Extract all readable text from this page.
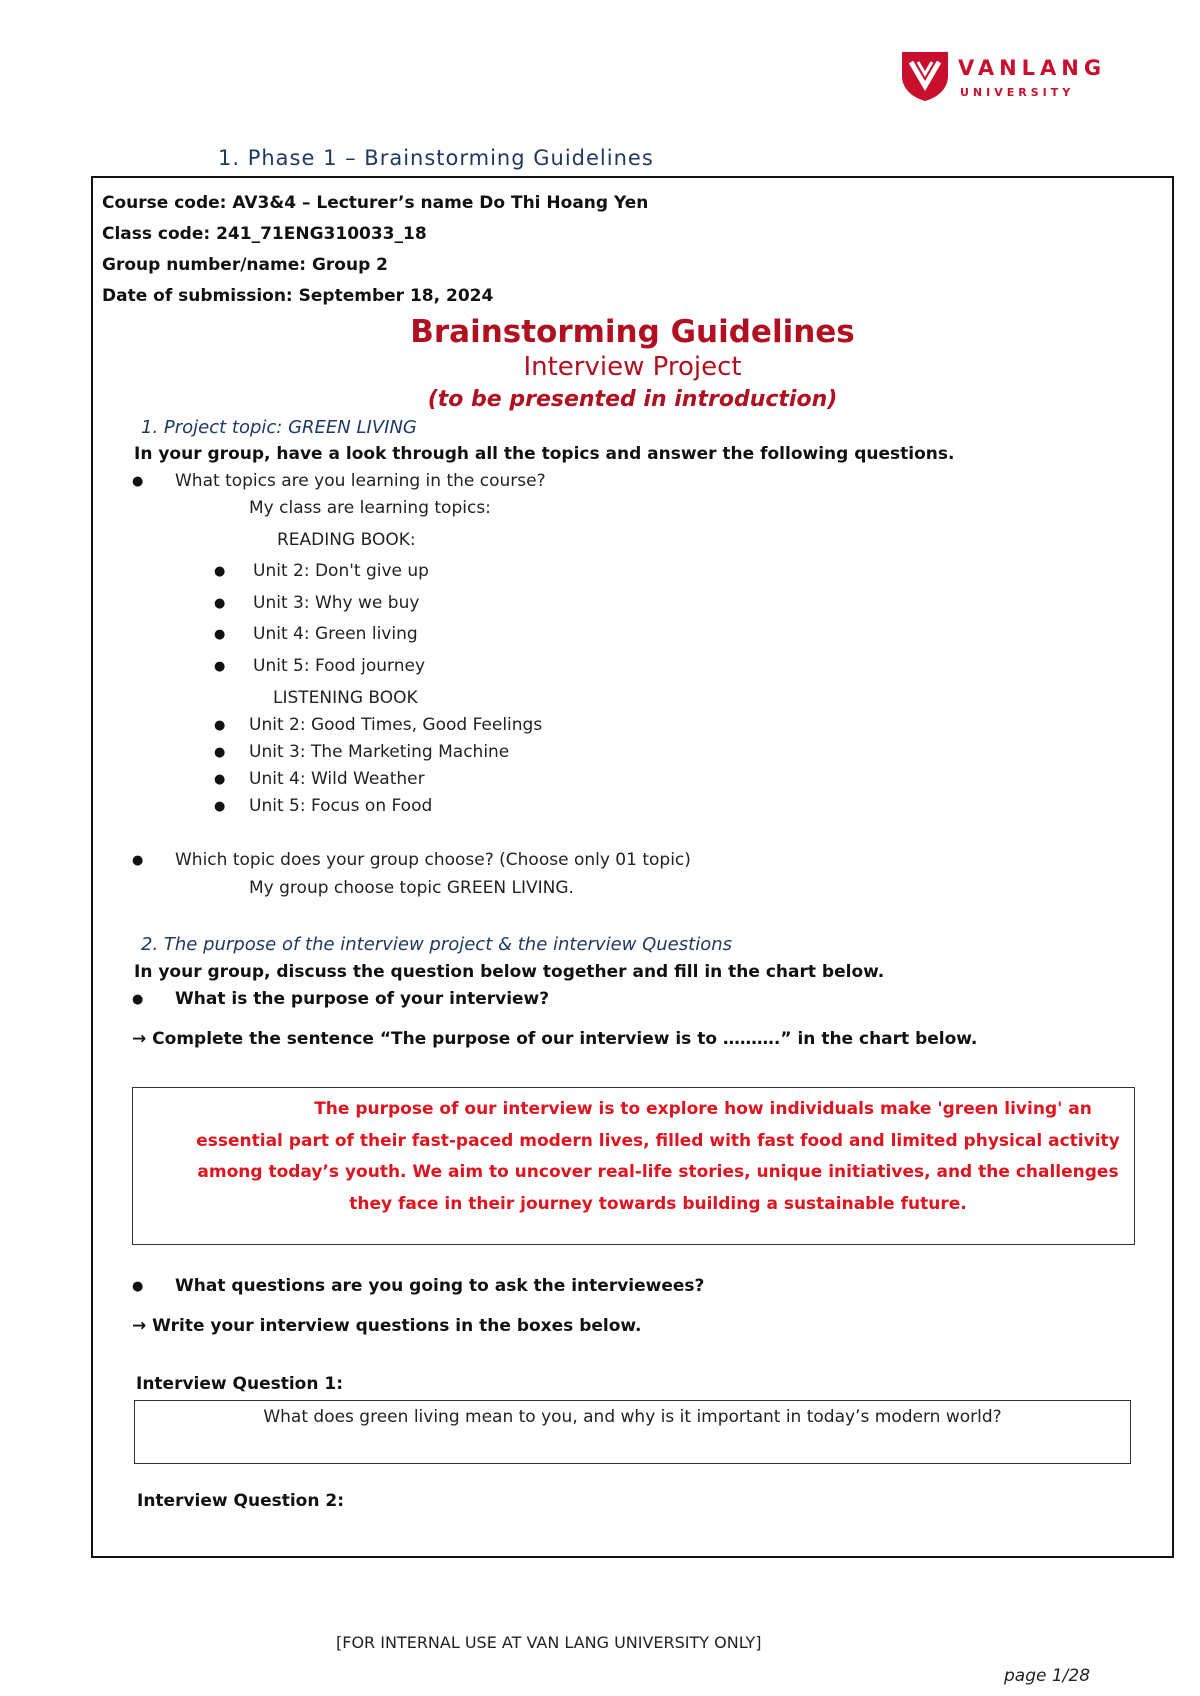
VANLANG
UNIVERSITY
1. Phase 1 – Brainstorming Guidelines
Course code: AV3&4 – Lecturer’s name Do Thi Hoang Yen
Class code: 241_71ENG310033_18
Group number/name: Group 2
Date of submission: September 18, 2024
Brainstorming Guidelines
Interview Project
(to be presented in introduction)
1. Project topic: GREEN LIVING
In your group, have a look through all the topics and answer the following questions.
● What topics are you learning in the course?
My class are learning topics:
READING BOOK:
● Unit 2: Don't give up
● Unit 3: Why we buy
● Unit 4: Green living
● Unit 5: Food journey
LISTENING BOOK
● Unit 2: Good Times, Good Feelings
● Unit 3: The Marketing Machine
● Unit 4: Wild Weather
● Unit 5: Focus on Food
● Which topic does your group choose? (Choose only 01 topic)
My group choose topic GREEN LIVING.
2. The purpose of the interview project & the interview Questions
In your group, discuss the question below together and fill in the chart below.
● What is the purpose of your interview?
→ Complete the sentence “The purpose of our interview is to ……….” in the chart below.
The purpose of our interview is to explore how individuals make 'green living' an essential part of their fast-paced modern lives, filled with fast food and limited physical activity among today’s youth. We aim to uncover real-life stories, unique initiatives, and the challenges they face in their journey towards building a sustainable future.
● What questions are you going to ask the interviewees?
→ Write your interview questions in the boxes below.
Interview Question 1:
What does green living mean to you, and why is it important in today’s modern world?
Interview Question 2:
[FOR INTERNAL USE AT VAN LANG UNIVERSITY ONLY]
page 1/28
